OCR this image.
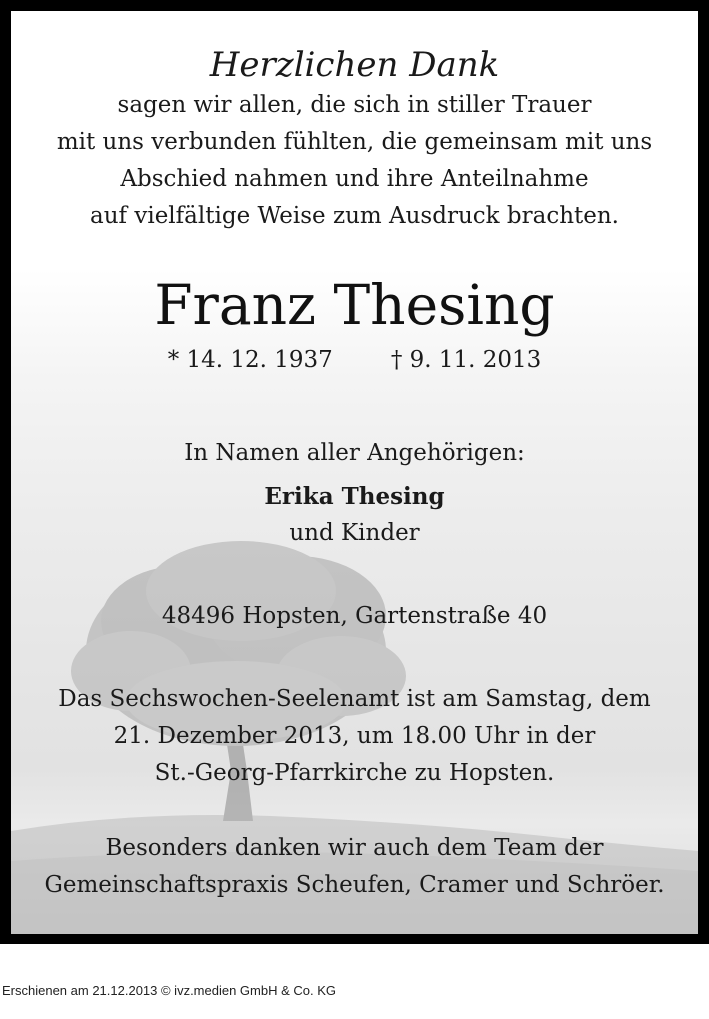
Herzlichen Dank
sagen wir allen, die sich in stiller Trauer
mit uns verbunden fühlten, die gemeinsam mit uns
Abschied nahmen und ihre Anteilnahme
auf vielfältige Weise zum Ausdruck brachten.
Franz Thesing
* 14. 12. 1937	† 9. 11. 2013
In Namen aller Angehörigen:
Erika Thesing
und Kinder
48496 Hopsten, Gartenstraße 40
Das Sechswochen-Seelenamt ist am Samstag, dem
21. Dezember 2013, um 18.00 Uhr in der
St.-Georg-Pfarrkirche zu Hopsten.
Besonders danken wir auch dem Team der
Gemeinschaftspraxis Scheufen, Cramer und Schröer.
Erschienen am 21.12.2013 © ivz.medien GmbH & Co. KG
